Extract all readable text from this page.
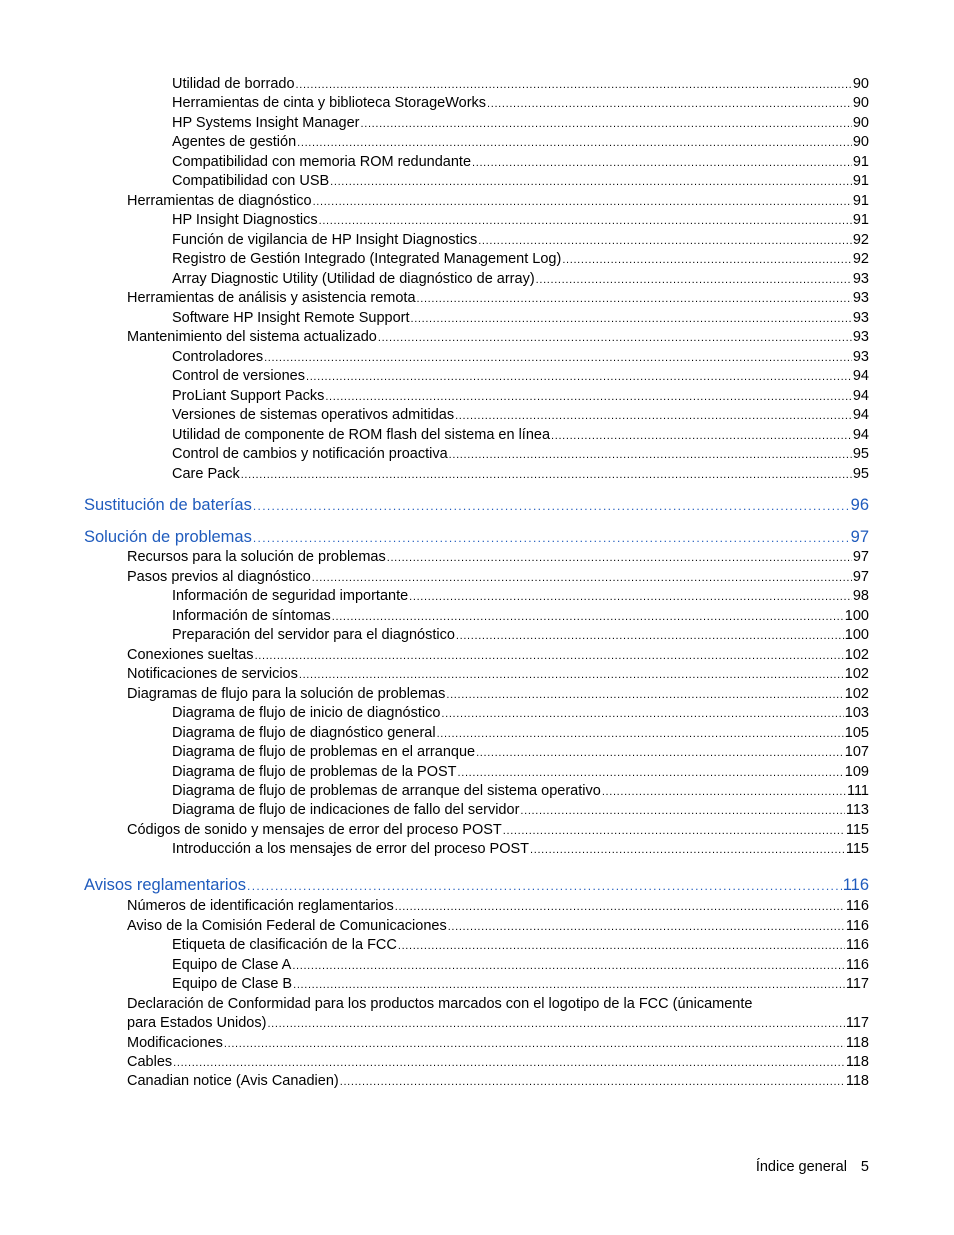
Utilidad de borrado . . .	90
Herramientas de cinta y biblioteca StorageWorks . . .	90
HP Systems Insight Manager . . .	90
Agentes de gestión . . .	90
Compatibilidad con memoria ROM redundante . . .	91
Compatibilidad con USB . . .	91
Herramientas de diagnóstico . . .	91
HP Insight Diagnostics . . .	91
Función de vigilancia de HP Insight Diagnostics . . .	92
Registro de Gestión Integrado (Integrated Management Log) . . .	92
Array Diagnostic Utility (Utilidad de diagnóstico de array) . . .	93
Herramientas de análisis y asistencia remota . . .	93
Software HP Insight Remote Support . . .	93
Mantenimiento del sistema actualizado . . .	93
Controladores . . .	93
Control de versiones . . .	94
ProLiant Support Packs . . .	94
Versiones de sistemas operativos admitidas . . .	94
Utilidad de componente de ROM flash del sistema en línea . . .	94
Control de cambios y notificación proactiva . . .	95
Care Pack . . .	95
Sustitución de baterías . . .	96
Solución de problemas . . .	97
Recursos para la solución de problemas . . .	97
Pasos previos al diagnóstico . . .	97
Información de seguridad importante . . .	98
Información de síntomas . . .	100
Preparación del servidor para el diagnóstico . . .	100
Conexiones sueltas . . .	102
Notificaciones de servicios . . .	102
Diagramas de flujo para la solución de problemas . . .	102
Diagrama de flujo de inicio de diagnóstico . . .	103
Diagrama de flujo de diagnóstico general . . .	105
Diagrama de flujo de problemas en el arranque . . .	107
Diagrama de flujo de problemas de la POST . . .	109
Diagrama de flujo de problemas de arranque del sistema operativo . . .	111
Diagrama de flujo de indicaciones de fallo del servidor . . .	113
Códigos de sonido y mensajes de error del proceso POST . . .	115
Introducción a los mensajes de error del proceso POST . . .	115
Avisos reglamentarios . . .	116
Números de identificación reglamentarios . . .	116
Aviso de la Comisión Federal de Comunicaciones . . .	116
Etiqueta de clasificación de la FCC . . .	116
Equipo de Clase A . . .	116
Equipo de Clase B . . .	117
Declaración de Conformidad para los productos marcados con el logotipo de la FCC (únicamente
para Estados Unidos) . . .	117
Modificaciones . . .	118
Cables . . .	118
Canadian notice (Avis Canadien) . . .	118
Índice general 5
